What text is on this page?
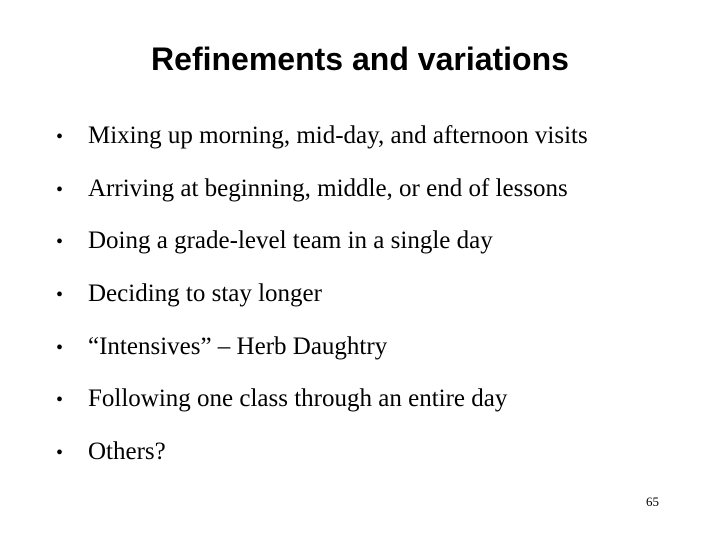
Refinements and variations
• Mixing up morning, mid-day, and afternoon visits
• Arriving at beginning, middle, or end of lessons
• Doing a grade-level team in a single day
• Deciding to stay longer
• “Intensives” – Herb Daughtry
• Following one class through an entire day
• Others?
65
